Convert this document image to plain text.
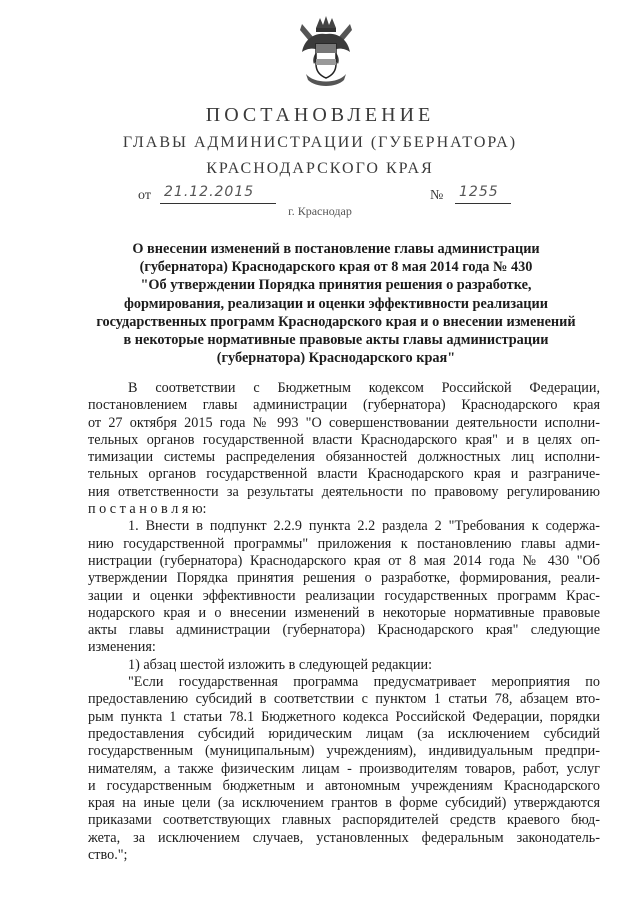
ПОСТАНОВЛЕНИЕ
ГЛАВЫ АДМИНИСТРАЦИИ (ГУБЕРНАТОРА)
КРАСНОДАРСКОГО КРАЯ
от 21.12.2015	№ 1255
г. Краснодар
О внесении изменений в постановление главы администрации
(губернатора) Краснодарского края от 8 мая 2014 года № 430
"Об утверждении Порядка принятия решения о разработке,
формирования, реализации и оценки эффективности реализации
государственных программ Краснодарского края и о внесении изменений
в некоторые нормативные правовые акты главы администрации
(губернатора) Краснодарского края"
В соответствии с Бюджетным кодексом Российской Федерации,
постановлением главы администрации (губернатора) Краснодарского края
от 27 октября 2015 года № 993 "О совершенствовании деятельности исполни-
тельных органов государственной власти Краснодарского края" и в целях оп-
тимизации системы распределения обязанностей должностных лиц исполни-
тельных органов государственной власти Краснодарского края и разграниче-
ния ответственности за результаты деятельности по правовому регулированию
п о с т а н о в л я ю:
1. Внести в подпункт 2.2.9 пункта 2.2 раздела 2 "Требования к содержа-
нию государственной программы" приложения к постановлению главы адми-
нистрации (губернатора) Краснодарского края от 8 мая 2014 года № 430 "Об
утверждении Порядка принятия решения о разработке, формирования, реали-
зации и оценки эффективности реализации государственных программ Крас-
нодарского края и о внесении изменений в некоторые нормативные правовые
акты главы администрации (губернатора) Краснодарского края" следующие
изменения:
1) абзац шестой изложить в следующей редакции:
"Если государственная программа предусматривает мероприятия по
предоставлению субсидий в соответствии с пунктом 1 статьи 78, абзацем вто-
рым пункта 1 статьи 78.1 Бюджетного кодекса Российской Федерации, порядки
предоставления субсидий юридическим лицам (за исключением субсидий
государственным (муниципальным) учреждениям), индивидуальным предпри-
нимателям, а также физическим лицам - производителям товаров, работ, услуг
и государственным бюджетным и автономным учреждениям Краснодарского
края на иные цели (за исключением грантов в форме субсидий) утверждаются
приказами соответствующих главных распорядителей средств краевого бюд-
жета, за исключением случаев, установленных федеральным законодатель-
ство.";
